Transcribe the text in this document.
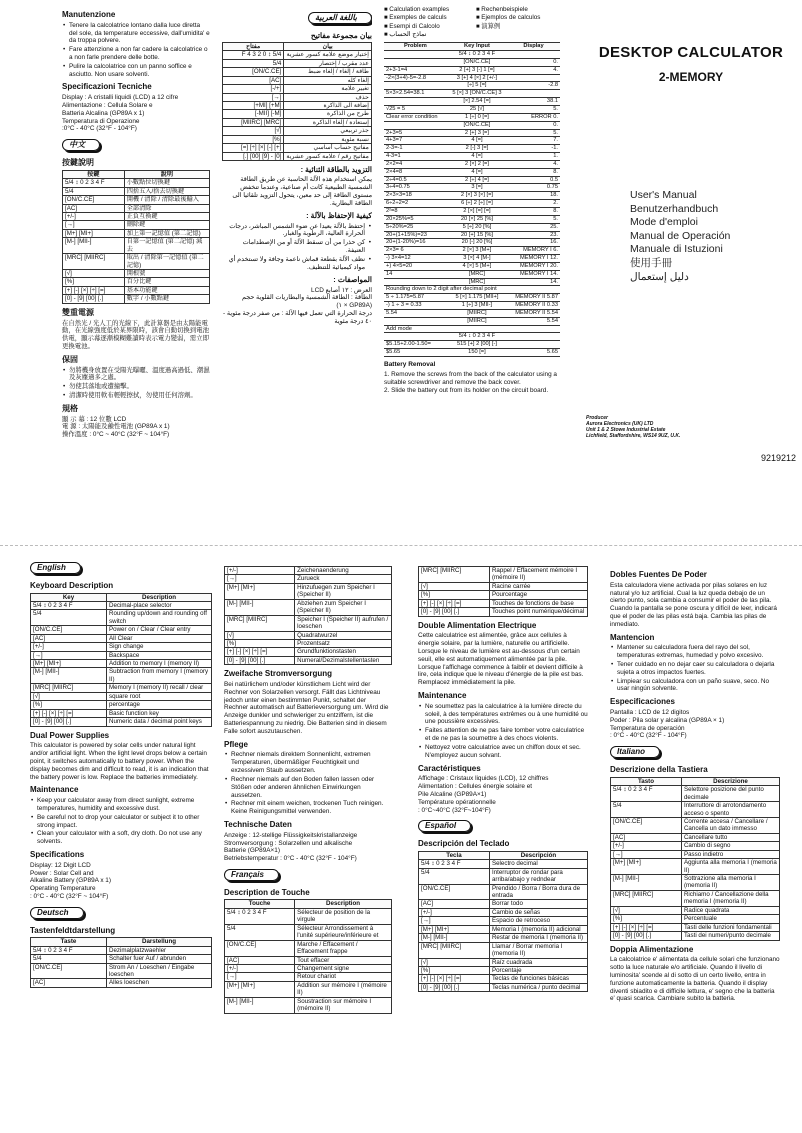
Manutenzione
• Tenere la calcolatrice lontano dalla luce diretta del sole, da temperature eccessive, dall'umidita' e da troppa polvere.
• Fare attenzione a non far cadere la calcolatrice o a non farle prendere delle botte.
• Pulire la calcolatrice con un panno soffice e asciutto. Non usare solventi.
Specificazioni Tecniche
Display : A cristalli liquidi (LCD) a 12 cifre
Alimentazione : Cellula Solare e
Batteria Alcalina (GP89A x 1)
Temperatura di Operazione
:0°C - 40°C (32°F - 104°F)
中文
按鍵說明
按鍵	說明
5/4 ↕ 0 2 3 4 F	小數點位切換鍵
5/4	四捨五入/捨去切換鍵
[ON/C.CE]	開機 / 清除 / 清除最後輸入
[AC]	全部清除
[+/-]	正負互換鍵
[→]	刪除鍵
[M+] [MI+]	加上第一記憶值 (第二記憶)
[M-] [MII-]	自第一記憶值 (第二記憶) 減去
[MRC] [MIIRC]	取出 / 清除第一記憶值 (第二記憶)
[√]	開根號
[%]	百分比鍵
[+] [-] [×] [÷] [=]	基本功能鍵
[0] - [9] [00] [.]	數字 / 小數點鍵
雙重電源

在自然光 / 光人工的光線下，此計算器是由太陽能電動，在光線強度低於某界限時，該會自動切換到電池供電，顯示幕逐漸模糊難讀時表示電力變弱，需立即更換電池。

保固
• 勿將機身放置在受陽光曝曬、溫度過高過低、潮濕及灰塵過多之處。
• 勿使其落地或遭撞擊。
• 清潔時使用軟布輕輕擦拭，勿使用任何溶劑。
規格
顯 示 幕 : 12 位數 LCD
電 源 : 太陽能及鹼性電池 (GP89A x 1)
操作溫度 : 0°C ~ 40°C (32°F ~ 104°F)
باللغة العربية
بيان مجموعة مفاتيح
بيان	مفتاح
إختيار موضع علامة كسور عشرية	5/4 ↕ 0 2 3 4 F
عدد مقرب / إختصار	5/4
طاقة / إلغاء / إلغاء ضبط	[ON/C.CE]
إلغاء كله	[AC]
تغيير علامة	[+/-]
حذف	[→]
إضافة الى الذاكرة	[M+] [MI+]
طرح من الذاكرة	[M-] [MII-]
إستعادة / إلغاء الذاكرة	[MRC] [MIIRC]
جذر تربيعي	[√]
نسبة مئوية	[%]
مفاتيح حساب أساسي	[+] [-] [×] [÷] [=]
مفاتيح رقم / علامة كسور عشرية	[0] - [9] [00] [.]
التزويد بالطاقة الثنائية :

يمكن استخدام هذه الآلة الحاسبة عن طريق الطاقة الشمسية الطبيعية كانت أم صناعية، وعندما تنخفض مستوى الطاقة إلى حد معين، يتحول التزويد تلقائيا الى الطاقة البطارية.

كيفية الإحتفاظ بالآلة :
• إحتفظ بالآلة بعيدا عن ضوء الشمس المباشر، درجات الحرارة العالية، الرطوبة والغبار.
• كن حذرا من أن تسقط الآلة أو من الإصطدامات العنيفة.
• نظف الآلة بقطعة قماش ناعمة وجافة ولا تستخدم أي مواد كيميائية للتنظيف.
المواصفات :
العرض : ١٢ أصابع LCD
الطاقة : الطاقة الشمسية والبطاريات القلوية حجم (GP89A × ١)
درجة الحرارة التي تعمل فيها الآلة : من صفر درجة مئوية - ٤٠ درجة مئوية
■ Calculation examples	■ Rechenbeispiele
■ Exemples de calculs	■ Ejemplos de calculos
■ Esempi di Calcolo	■ 演算例
■ نماذج الحساب
Problem	Key Input	Display
	5/4 ↕ 0 2 3 4 F	
	[ON/C.CE]	0.
2+3-1=4	2 [+] 3 [-] 1 [=]	4.
-2×(3+4)-5=-2.8	3 [+] 4 [×] 2 [+/-]	
	[÷] 5 [=]	-2.8
5×3×2.54=38.1	5 [×] 3 [ON/C.CE] 3	
	[×] 2.54 [=]	38.1
√25 = 5	25 [√]	5.
Clear error condition	1 [÷] 0 [=]	ERROR 0.
	[ON/C.CE]	0.
2+3=5	2 [+] 3 [=]	5.
4+3=7	4 [=]	7.
2-3=-1	2 [-] 3 [=]	-1.
4-3=1	4 [=]	1.
2×2=4	2 [×] 2 [=]	4.
2×4=8	4 [=]	8.
2÷4=0.5	2 [÷] 4 [=]	0.5
3÷4=0.75	3 [=]	0.75
2×3×3=18	2 [×] 3 [×] [=]	18.
6÷2÷2=2	6 [÷] 2 [÷] [=]	2.
2²=8	2 [×] [=] [=]	8.
20×25%=5	20 [×] 25 [%]	5.
5÷20%=25	5 [÷] 20 [%]	25.
20+(1+15%)=23	20 [+] 15 [%]	23.
20+(1-20%)=16	20 [-] 20 [%]	16.
2×3= 6	2 [×] 3 [M+]	MEMORY I 6.
-) 3×4=12	3 [×] 4 [M-]	MEMORY I 12.
+) 4×5=20	4 [×] 5 [M+]	MEMORY I 20.
14	[MRC]	MEMORY I 14.
	[MRC]	14.
Rounding down to 2 digit after decimal point		
5 ÷ 1.175=5.87	5 [×] 1.175 [MII+]	MEMORY II 5.87
-) 1 ÷ 3 = 0.33	1 [÷] 3 [MII-]	MEMORY II 0.33
5.54	[MIIRC]	MEMORY II 5.54
	[MIIRC]	5.54
Add mode		
	5/4 ↕ 0 2 3 4 F	
$5.15+2.00-1.50=	515 [+] 2 [00] [-]	
$5.65	150 [=]	5.65
Battery Removal
1. Remove the screws from the back of the calculator using a suitable screwdriver and remove the back cover.
2. Slide the battery out from its holder on the circuit board.
DESKTOP CALCULATOR
2-MEMORY
User's Manual
Benutzerhandbuch
Mode d'emploi
Manual de Operación
Manuale di Istuzioni
使用手冊
دليل إستعمال
Producer
Aurora Electronics (UK) LTD
Unit 1 & 2 Stowe Industrial Estate
Lichfield, Staffordshire, WS14 9UZ, U.K.
9219212
English
Keyboard Description
Key	Description
5/4 ↕ 0 2 3 4 F	Decimal-place selector
5/4	Rounding up/down and rounding off switch
[ON/C.CE]	Power on / Clear / Clear entry
[AC]	All Clear
[+/-]	Sign change
[→]	Backspace
[M+] [MI+]	Addition to memory I (memory II)
[M-] [MII-]	Subtraction from memory I (memory II)
[MRC] [MIIRC]	Memory I (memory II) recall / clear
[√]	square root
[%]	percentage
[+] [-] [×] [÷] [=]	Basic function key
[0] - [9] [00] [.]	Numeric data / decimal point keys
Dual Power Supplies

This calculator is powered by solar cells under natural light and/or artificial light. When the light level drops below a certain point, it switches automatically to battery power. When the display becomes dim and difficult to read, it is an indication that the battery power is low. Replace the batteries immediately.

Maintenance
• Keep your calculator away from direct sunlight, extreme temperatures, humidity and excessive dust.
• Be careful not to drop your calculator or subject it to other strong impact.
• Clean your calculator with a soft, dry cloth. Do not use any solvents.
Specifications
Display: 12 Digit LCD
Power : Solar Cell and
Alkaline Battery (GP89A x 1)
Operating Temperature
: 0°C - 40°C (32°F ~ 104°F)
Deutsch
Tastenfeldtdarstellung
Taste	Darstellung
5/4 ↕ 0 2 3 4 F	Dezimalplatzwaehler
5/4	Schalter fuer Auf / abrunden
[ON/C.CE]	Strom An / Loeschen / Eingabe loeschen
[AC]	Alles loeschen
[+/-]	Zeichenaenderung
[→]	Zurueck
[M+] [MI+]	Hinzufuegen zum Speicher I (Speicher II)
[M-] [MII-]	Abziehen zum Speicher I (Speicher II)
[MRC] [MIIRC]	Speicher I (Speicher II) aufrufen / loeschen
[√]	Quadratwurzel
[%]	Prozentsatz
[+] [-] [×] [÷] [=]	Grundfunktionstasten
[0] - [9] [00] [.]	Numeral/Dezimalstellentasten
Zweifache Stromversorgung

Bei natürlichem und/oder künstlichem Licht wird der Rechner von Solarzellen versorgt. Fällt das Lichtniveau jedoch unter einen bestimmten Punkt, schaltet der Rechner automatisch auf Batterieversorgung um. Wird die Anzeige dunkler und schwieriger zu entziffern, ist die Batteriespannung zu niedrig. Die Batterien sind in diesem Falle sofort auszutauschen.

Pflege
• Rechner niemals direktem Sonnenlicht, extremen Temperaturen, übermäßiger Feuchtigkeit und exzessivem Staub aussetzen.
• Rechner niemals auf den Boden fallen lassen oder Stößen oder anderen ähnlichen Einwirkungen aussetzen.
• Rechner mit einem weichen, trockenen Tuch reinigen. Keine Reinigungsmittel verwenden.
Technische Daten
Anzeige : 12-stellige Flüssigkeitskristallanzeige
Stromversorgung : Solarzellen und alkalische
Batterie (GP89A×1)
Betriebstemperatur : 0°C - 40°C (32°F - 104°F)
Français
Description de Touche
Touche	Description
5/4 ↕ 0 2 3 4 F	Sélecteur de position de la virgule
5/4	Sélecteur Arrondissement à l'unité supérieure/inférieure et
[ON/C.CE]	Marche / Effacement / Effacement frappe
[AC]	Tout effacer
[+/-]	Changement signe
[→]	Retour chariot
[M+] [MI+]	Addition sur mémoire I (mémoire II)
[M-] [MII-]	Soustraction sur mémoire I (mémoire II)
[MRC] [MIIRC]	Rappel / Effacement mémoire I (mémoire II)
[√]	Racine carrée
[%]	Pourcentage
[+] [-] [×] [÷] [=]	Touches de fonctions de base
[0] - [9] [00] [.]	Touches point numérique/décimal
Double Alimentation Electrique

Cette calculatrice est alimentée, grâce aux cellules à énergie solaire, par la lumière, naturelle ou artificielle. Lorsque le niveau de lumière est au-dessous d'un certain seuil, elle est automatiquement alimentée par la pile. Lorsque l'affichage commence à faiblir et devient difficile à lire, cela indique que le niveau d'énergie de la pile est bas. Remplacez immédiatement la pile.

Maintenance
• Ne soumettez pas la calculatrice à la lumière directe du soleil, à des températures extrêmes ou à une humidité ou une poussière excessives.
• Faites attention de ne pas faire tomber votre calculatrice et de ne pas la soumettre à des chocs violents.
• Nettoyez votre calculatrice avec un chiffon doux et sec. N'employez aucun solvant.
Caractéristiques
Affichage : Cristaux liquides (LCD), 12 chiffres
Alimentation : Cellules énergie solaire et
Pile Alcaline (GP89A×1)
Température opérationnelle
: 0°C~40°C (32°F~104°F)
Español
Descripción del Teclado
Tecla	Descripción
5/4 ↕ 0 2 3 4 F	Selectro decimal
5/4	Interruptor de rondar para arriba/abajo y redndear
[ON/C.CE]	Prendido / Borra / Borra dura de entrada
[AC]	Borrar todo
[+/-]	Cambio de señas
[→]	Espacio de retroceso
[M+] [MI+]	Memoria I (memoria II) adicional
[M-] [MII-]	Restar de memoria I (memoria II)
[MRC] [MIIRC]	Llamar / Borrar memoria I (memoria II)
[√]	Raíz cuadrada
[%]	Porcentaje
[+] [-] [×] [÷] [=]	Teclas de funciones básicas
[0] - [9] [00] [.]	Teclas numérica / punto decimal
Dobles Fuentes De Poder

Esta calculadora viene activada por pilas solares en luz natural y/o luz artificial. Cual la luz queda debajo de un cierto punto, sola cambia a consumir el poder de las pila. Cuando la pantalla se pone oscura y difícil de leer, indicará que el poder de las pilas está baja. Cambia las pilas de inmediato.

Mantencion
• Mantener su calculadora fuera del rayo del sol, temperaturas extremas, humedad y polvo excesivo.
• Tener cuidado en no dejar caer su calculadora o dejarla sujeta a otros impactos fuertes.
• Limpiear su calculadora con un paño suave, seco. No usar ningún solvente.
Especificaciones
Pantalla : LCD de 12 digitos
Poder : Pila solar y alcalina (GP89A × 1)
Temperatura de operación
: 0°C - 40°C (32°F - 104°F)
Italiano
Descrizione della Tastiera
Tasto	Descrizione
5/4 ↕ 0 2 3 4 F	Selettore posizione del punto decimale
5/4	Interruttore di arrotondamento acceso o spento
[ON/C.CE]	Corrente accesa / Cancellare / Cancella un dato immesso
[AC]	Cancellare tutto
[+/-]	Cambio di segno
[→]	Passo indietro
[M+] [MI+]	Aggiunta alla memoria I (memoria II)
[M-] [MII-]	Sottrazione alla memoria I (memoria II)
[MRC] [MIIRC]	Richiamo / Cancellazione della memoria I (memoria II)
[√]	Radice quadrata
[%]	Percentuale
[+] [-] [×] [÷] [=]	Tasti delle funzioni fondamentali
[0] - [9] [00] [.]	Tasti dei numeri/punto decimale
Doppia Alimentazione

La calcolatrice e' alimentata da cellule solari che funzionano sotto la luce naturale e/o artificiale. Quando il livello di luminosita' scende al di sotto di un certo livello, entra in funzione automaticamente la batteria. Quando il display diventi sbiadito e di difficile lettura, e' segno che la batteria e' quasi scarica. Cambiare subito la batteria.
